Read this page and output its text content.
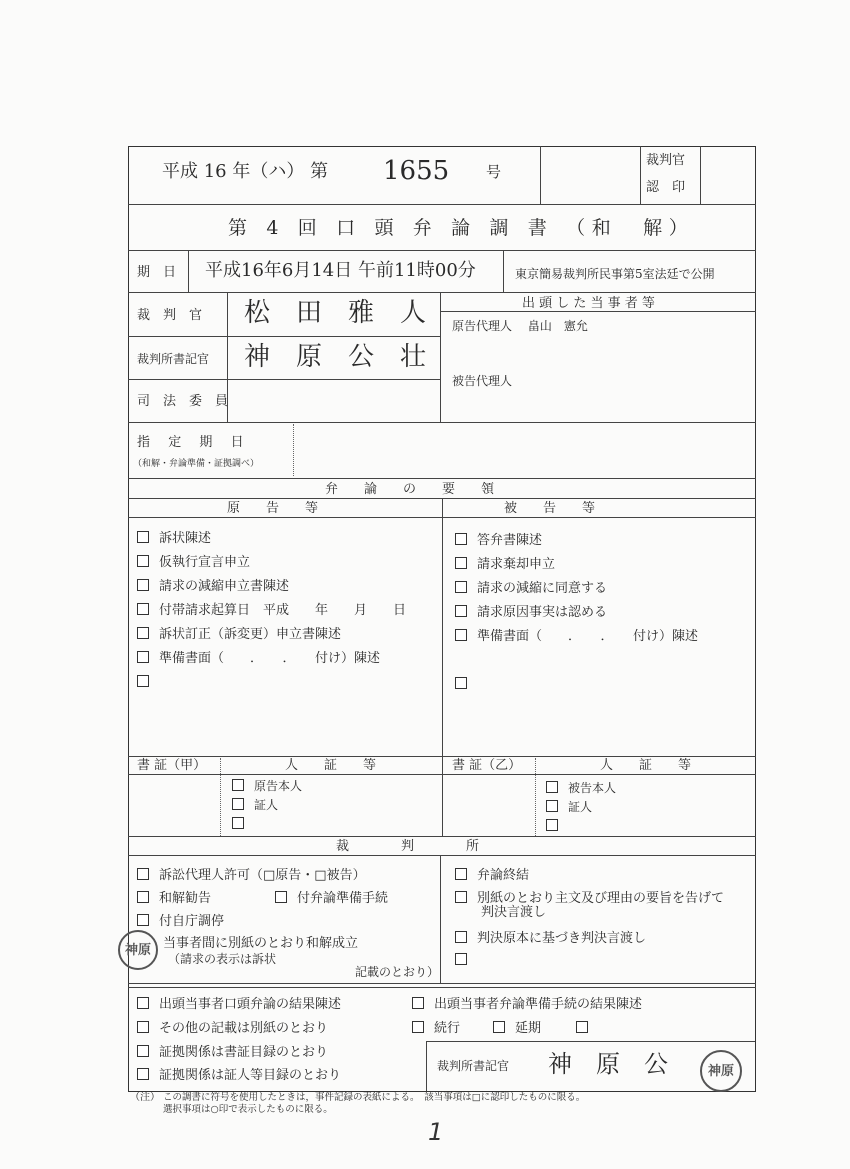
平成 16 年（ハ） 第 1655 号
裁判官
認　印
第 4 回 口 頭 弁 論 調 書 （和　解）
期　日 平成16年6月14日 午前11時00分	東京簡易裁判所民事第5室法廷で公開
裁　判　官 松　田　雅　人
裁判所書記官 神　原　公　壮
司　法　委　員
出 頭 し た 当 事 者 等
原告代理人　 畠山　憲允
被告代理人
指　定　期　日
（和解・弁論準備・証拠調べ）
弁　　論　　の　　要　　領
原　　告　　等	被　　告　　等
訴状陳述
仮執行宣言申立
請求の減縮申立書陳述
付帯請求起算日　平成　　年　　月　　日
訴状訂正（訴変更）申立書陳述
準備書面（　　．　　．　　付け）陳述
答弁書陳述
請求棄却申立
請求の減縮に同意する
請求原因事実は認める
準備書面（　　．　　．　　付け）陳述
書 証（甲）	人　　証　　等	書 証（乙）	人　　証　　等
原告本人
証人
被告本人
証人
裁　　　　判　　　　所
訴訟代理人許可（□原告・□被告）
和解勧告	付弁論準備手続
付自庁調停
当事者間に別紙のとおり和解成立
（請求の表示は訴状
記載のとおり）
弁論終結
別紙のとおり主文及び理由の要旨を告げて
判決言渡し
判決原本に基づき判決言渡し
出頭当事者口頭弁論の結果陳述
その他の記載は別紙のとおり
証拠関係は書証目録のとおり
証拠関係は証人等目録のとおり
出頭当事者弁論準備手続の結果陳述
続行	延期
裁判所書記官 神　原　公
（注） この調書に符号を使用したときは，事件記録の表紙による。　該当事項は□に認印したものに限る。
選択事項は○印で表示したものに限る。
1
神原
神原
